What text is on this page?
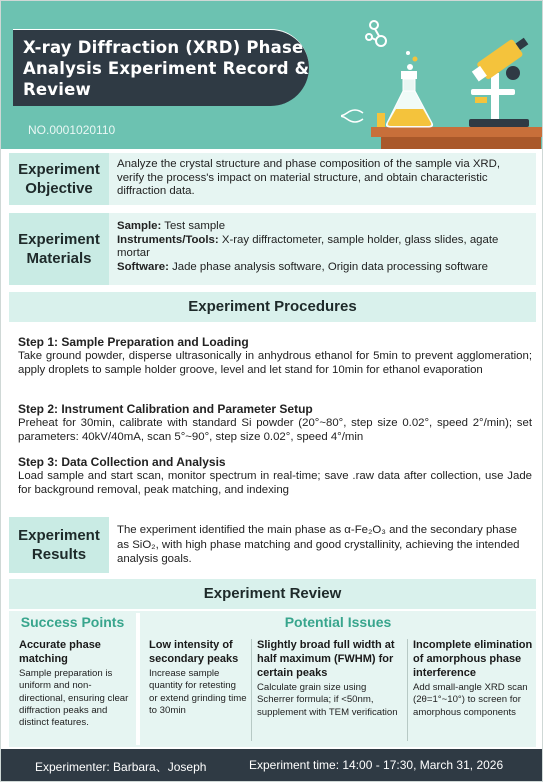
X-ray Diffraction (XRD) Phase Analysis Experiment Record & Review
NO.0001020110
Experiment Objective
Analyze the crystal structure and phase composition of the sample via XRD, verify the process's impact on material structure, and obtain characteristic diffraction data.
Experiment Materials
Sample: Test sample
Instruments/Tools: X-ray diffractometer, sample holder, glass slides, agate mortar
Software: Jade phase analysis software, Origin data processing software
Experiment Procedures
Step 1: Sample Preparation and Loading
Take ground powder, disperse ultrasonically in anhydrous ethanol for 5min to prevent agglomeration; apply droplets to sample holder groove, level and let stand for 10min for ethanol evaporation
Step 2: Instrument Calibration and Parameter Setup
Preheat for 30min, calibrate with standard Si powder (20°~80°, step size 0.02°, speed 2°/min); set parameters: 40kV/40mA, scan 5°~90°, step size 0.02°, speed 4°/min
Step 3: Data Collection and Analysis
Load sample and start scan, monitor spectrum in real-time; save .raw data after collection, use Jade for background removal, peak matching, and indexing
Experiment Results
The experiment identified the main phase as α-Fe₂O₃ and the secondary phase as SiO₂, with high phase matching and good crystallinity, achieving the intended analysis goals.
Experiment Review
Success Points	Potential Issues
Accurate phase matching
Sample preparation is uniform and non-directional, ensuring clear diffraction peaks and distinct features.
Low intensity of secondary peaks
Increase sample quantity for retesting or extend grinding time to 30min
Slightly broad full width at half maximum (FWHM) for certain peaks
Calculate grain size using Scherrer formula; if <50nm, supplement with TEM verification
Incomplete elimination of amorphous phase interference
Add small-angle XRD scan (2θ=1°~10°) to screen for amorphous components
Experimenter: Barbara、Joseph	Experiment time: 14:00 - 17:30, March 31, 2026
